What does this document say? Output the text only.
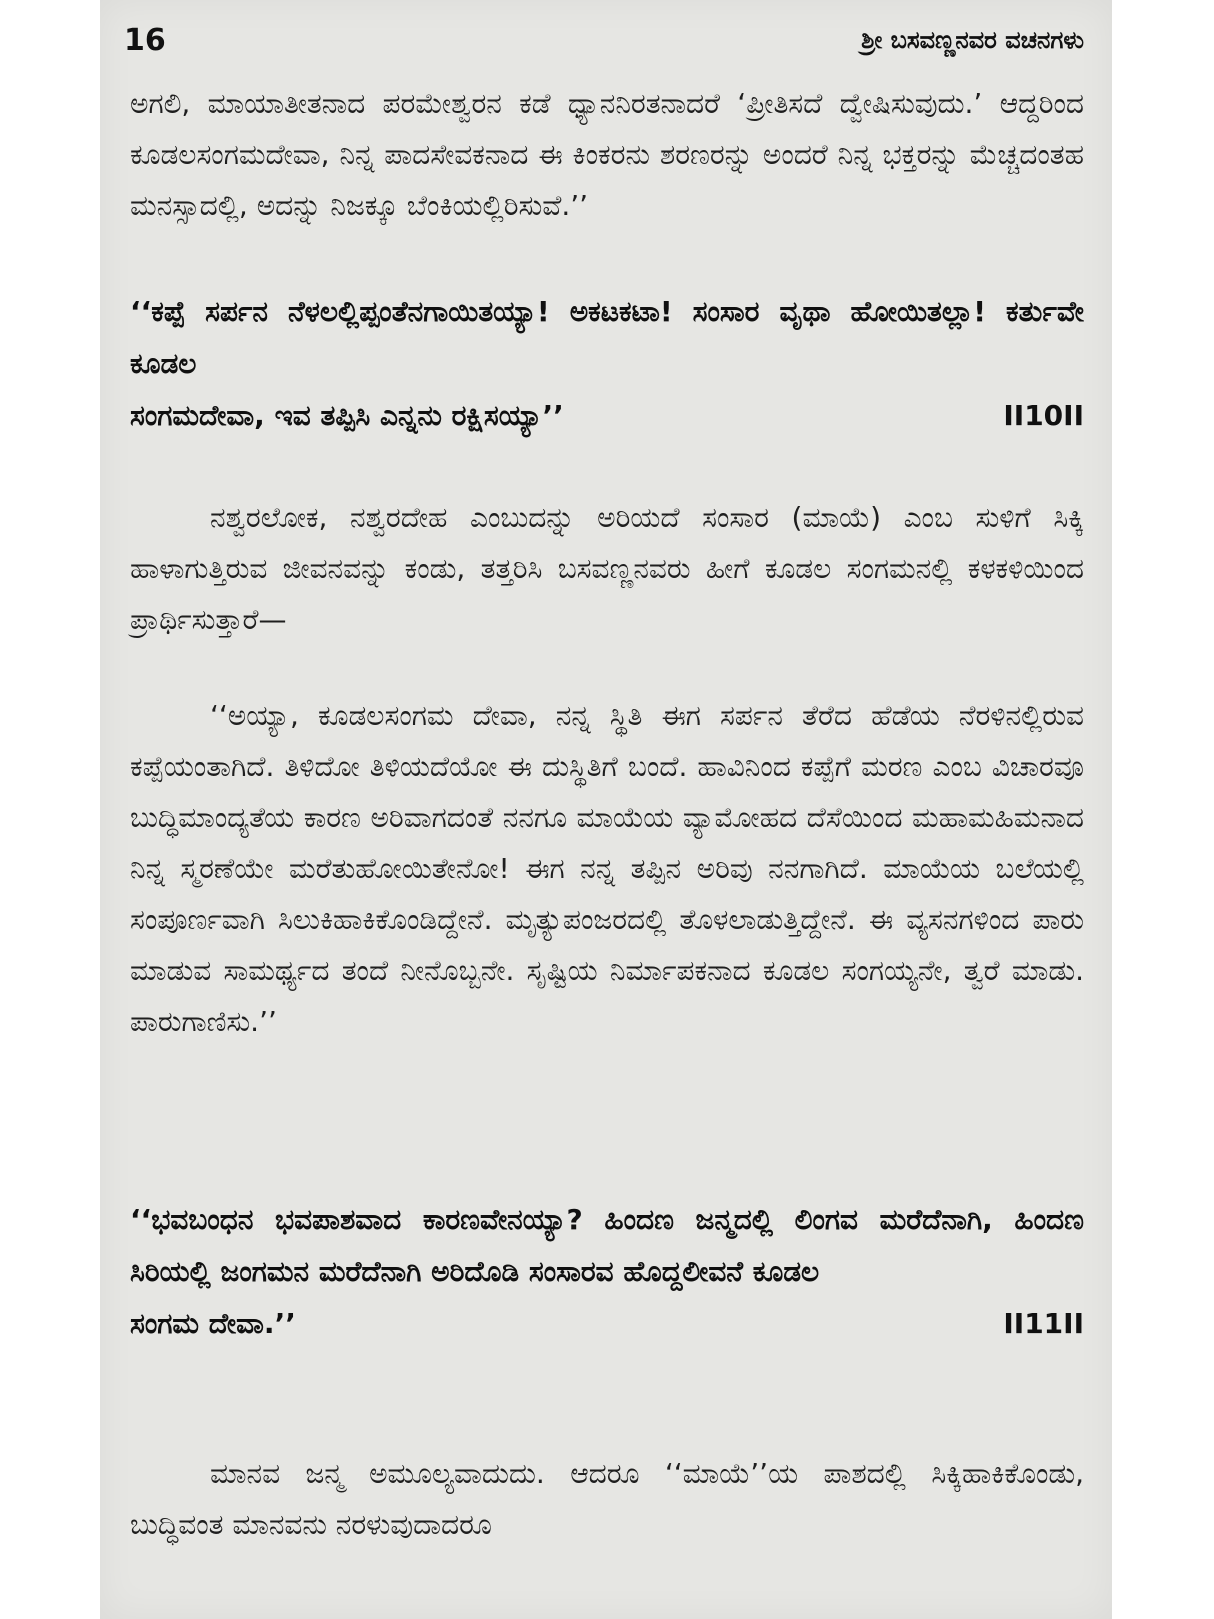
16	ಶ್ರೀ ಬಸವಣ್ಣನವರ ವಚನಗಳು

ಅಗಲಿ, ಮಾಯಾತೀತನಾದ ಪರಮೇಶ್ವರನ ಕಡೆ ಧ್ಯಾನನಿರತನಾದರೆ ‘ಪ್ರೀತಿಸದೆ ದ್ವೇಷಿಸುವುದು.’ ಆದ್ದರಿಂದ ಕೂಡಲಸಂಗಮದೇವಾ, ನಿನ್ನ ಪಾದಸೇವಕನಾದ ಈ ಕಿಂಕರನು ಶರಣರನ್ನು ಅಂದರೆ ನಿನ್ನ ಭಕ್ತರನ್ನು ಮೆಚ್ಚದಂತಹ ಮನಸ್ಸಾದಲ್ಲಿ, ಅದನ್ನು ನಿಜಕ್ಕೂ ಬೆಂಕಿಯಲ್ಲಿರಿಸುವೆ.’’

‘‘ಕಪ್ಪೆ ಸರ್ಪನ ನೆಳಲಲ್ಲಿಪ್ಪಂತೆನಗಾಯಿತಯ್ಯಾ! ಅಕಟಕಟಾ! ಸಂಸಾರ ವೃಥಾ ಹೋಯಿತಲ್ಲಾ! ಕರ್ತುವೇ ಕೂಡಲ
ಸಂಗಮದೇವಾ, ಇವ ತಪ್ಪಿಸಿ ಎನ್ನನು ರಕ್ಷಿಸಯ್ಯಾ’’	II10II

ನಶ್ವರಲೋಕ, ನಶ್ವರದೇಹ ಎಂಬುದನ್ನು ಅರಿಯದೆ ಸಂಸಾರ (ಮಾಯೆ) ಎಂಬ ಸುಳಿಗೆ ಸಿಕ್ಕಿ ಹಾಳಾಗುತ್ತಿರುವ ಜೀವನವನ್ನು ಕಂಡು, ತತ್ತರಿಸಿ ಬಸವಣ್ಣನವರು ಹೀಗೆ ಕೂಡಲ ಸಂಗಮನಲ್ಲಿ ಕಳಕಳಿಯಿಂದ ಪ್ರಾರ್ಥಿಸುತ್ತಾರೆ—

‘‘ಅಯ್ಯಾ, ಕೂಡಲಸಂಗಮ ದೇವಾ, ನನ್ನ ಸ್ಥಿತಿ ಈಗ ಸರ್ಪನ ತೆರೆದ ಹೆಡೆಯ ನೆರಳಿನಲ್ಲಿರುವ ಕಪ್ಪೆಯಂತಾಗಿದೆ. ತಿಳಿದೋ ತಿಳಿಯದೆಯೋ ಈ ದುಸ್ಥಿತಿಗೆ ಬಂದೆ. ಹಾವಿನಿಂದ ಕಪ್ಪೆಗೆ ಮರಣ ಎಂಬ ವಿಚಾರವೂ ಬುದ್ಧಿಮಾಂದ್ಯತೆಯ ಕಾರಣ ಅರಿವಾಗದಂತೆ ನನಗೂ ಮಾಯೆಯ ವ್ಯಾಮೋಹದ ದೆಸೆಯಿಂದ ಮಹಾಮಹಿಮನಾದ ನಿನ್ನ ಸ್ಮರಣೆಯೇ ಮರೆತುಹೋಯಿತೇನೋ! ಈಗ ನನ್ನ ತಪ್ಪಿನ ಅರಿವು ನನಗಾಗಿದೆ. ಮಾಯೆಯ ಬಲೆಯಲ್ಲಿ ಸಂಪೂರ್ಣವಾಗಿ ಸಿಲುಕಿಹಾಕಿಕೊಂಡಿದ್ದೇನೆ. ಮೃತ್ಯುಪಂಜರದಲ್ಲಿ ತೊಳಲಾಡುತ್ತಿದ್ದೇನೆ. ಈ ವ್ಯಸನಗಳಿಂದ ಪಾರು ಮಾಡುವ ಸಾಮರ್ಥ್ಯದ ತಂದೆ ನೀನೊಬ್ಬನೇ. ಸೃಷ್ಟಿಯ ನಿರ್ಮಾಪಕನಾದ ಕೂಡಲ ಸಂಗಯ್ಯನೇ, ತ್ವರೆ ಮಾಡು. ಪಾರುಗಾಣಿಸು.’’

‘‘ಭವಬಂಧನ ಭವಪಾಶವಾದ ಕಾರಣವೇನಯ್ಯಾ? ಹಿಂದಣ ಜನ್ಮದಲ್ಲಿ ಲಿಂಗವ ಮರೆದೆನಾಗಿ, ಹಿಂದಣ ಸಿರಿಯಲ್ಲಿ ಜಂಗಮನ ಮರೆದೆನಾಗಿ ಅರಿದೊಡಿ ಸಂಸಾರವ ಹೊದ್ದಲೀವನೆ ಕೂಡಲ
ಸಂಗಮ ದೇವಾ.’’	II11II

ಮಾನವ ಜನ್ಮ ಅಮೂಲ್ಯವಾದುದು. ಆದರೂ ‘‘ಮಾಯೆ’’ಯ ಪಾಶದಲ್ಲಿ ಸಿಕ್ಕಿಹಾಕಿಕೊಂಡು, ಬುದ್ಧಿವಂತ ಮಾನವನು ನರಳುವುದಾದರೂ
